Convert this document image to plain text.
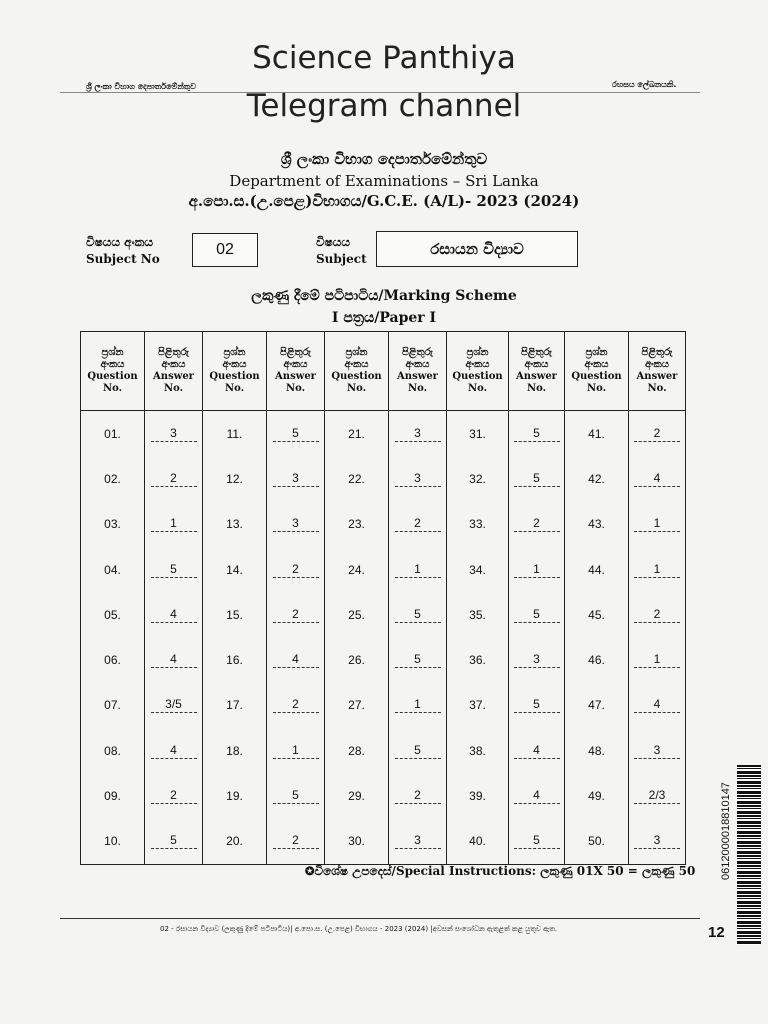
Science Panthiya
Telegram channel
ශ්‍රී ලංකා විභාග දෙපාර්තමේන්තුව	රහසය ලේඛනයකි.
ශ්‍රී ලංකා විභාග දෙපාර්තමේන්තුව
Department of Examinations – Sri Lanka
අ.පො.ස.(උ.පෙළ)විභාගය/G.C.E. (A/L)- 2023 (2024)
විෂයය අංකය
Subject No
02	විෂයය
Subject
රසායන විද්‍යාව
ලකුණු දීමේ පටිපාටිය/Marking Scheme
I පත්‍රය/Paper I
ප්‍රශ්න
අංකය
Question
No.	පිළිතුරු
අංකය
Answer
No.	ප්‍රශ්න
අංකය
Question
No.	පිළිතුරු
අංකය
Answer
No.	ප්‍රශ්න
අංකය
Question
No.	පිළිතුරු
අංකය
Answer
No.	ප්‍රශ්න
අංකය
Question
No.	පිළිතුරු
අංකය
Answer
No.	ප්‍රශ්න
අංකය
Question
No.	පිළිතුරු
අංකය
Answer
No.

01.	3	11.	5	21.	3	31.	5	41.	2
02.	2	12.	3	22.	3	32.	5	42.	4
03.	1	13.	3	23.	2	33.	2	43.	1
04.	5	14.	2	24.	1	34.	1	44.	1
05.	4	15.	2	25.	5	35.	5	45.	2
06.	4	16.	4	26.	5	36.	3	46.	1
07.	3/5	17.	2	27.	1	37.	5	47.	4
08.	4	18.	1	28.	5	38.	4	48.	3
09.	2	19.	5	29.	2	39.	4	49.	2/3
10.	5	20.	2	30.	3	40.	5	50.	3
✪විශේෂ උපදෙස්/Special Instructions: ලකුණු 01X 50 = ලකුණු 50 0612000018810147
02 - රසායන විද්‍යාව (ලකුණු දීමේ පටිපාටිය)| අ.පො.ස. (උ.පෙළ) විභාගය - 2023 (2024) |අවසන් සංශෝධන ඇතුළත් කළ යුතුව ඇත.	12
